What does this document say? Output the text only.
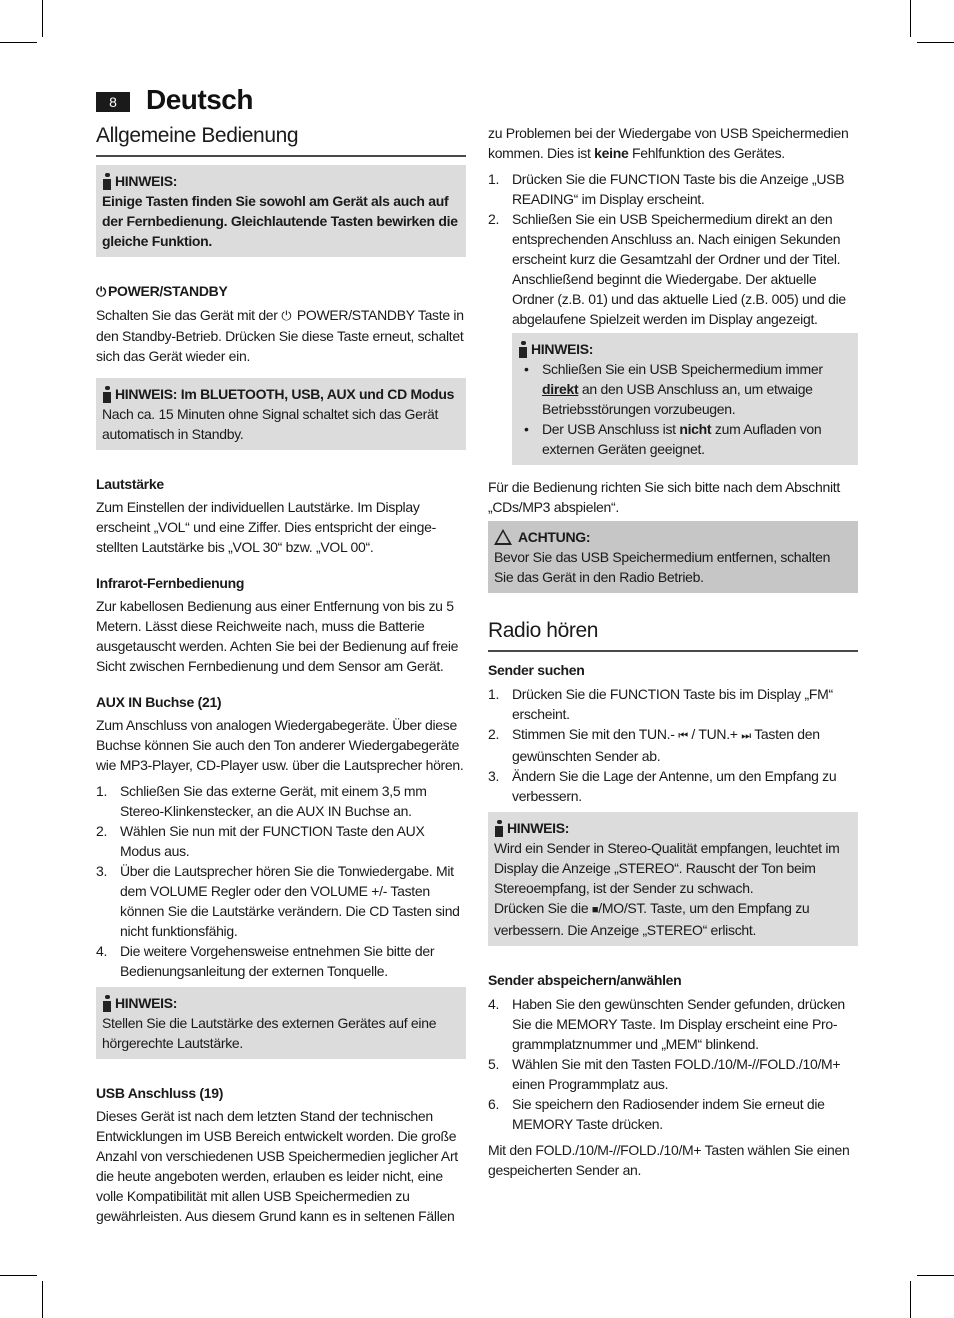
8	Deutsch
Allgemeine Bedienung
HINWEIS:

Einige Tasten finden Sie sowohl am Gerät als auch auf der Fernbedienung. Gleichlautende Tasten bewirken die gleiche Funktion.

⏻ POWER/STANDBY

Schalten Sie das Gerät mit der ⏻ POWER/STANDBY Taste in den Standby-Betrieb. Drücken Sie diese Taste erneut, schaltet sich das Gerät wieder ein.

HINWEIS: Im BLUETOOTH, USB, AUX und CD Modus

Nach ca. 15 Minuten ohne Signal schaltet sich das Gerät automatisch in Standby.

Lautstärke

Zum Einstellen der individuellen Lautstärke. Im Display erscheint „VOL“ und eine Ziffer. Dies entspricht der einge-stellten Lautstärke bis „VOL 30“ bzw. „VOL 00“.

Infrarot-Fernbedienung

Zur kabellosen Bedienung aus einer Entfernung von bis zu 5 Metern. Lässt diese Reichweite nach, muss die Batterie ausgetauscht werden. Achten Sie bei der Bedienung auf freie Sicht zwischen Fernbedienung und dem Sensor am Gerät.

AUX IN Buchse (21)

Zum Anschluss von analogen Wiedergabegeräte. Über diese Buchse können Sie auch den Ton anderer Wiedergabegeräte wie MP3-Player, CD-Player usw. über die Lautsprecher hören.

1. Schließen Sie das externe Gerät, mit einem 3,5 mm Stereo-Klinkenstecker, an die AUX IN Buchse an.
2. Wählen Sie nun mit der FUNCTION Taste den AUX Modus aus.
3. Über die Lautsprecher hören Sie die Tonwiedergabe. Mit dem VOLUME Regler oder den VOLUME +/- Tasten können Sie die Lautstärke verändern. Die CD Tasten sind nicht funktionsfähig.
4. Die weitere Vorgehensweise entnehmen Sie bitte der Bedienungsanleitung der externen Tonquelle.
HINWEIS:

Stellen Sie die Lautstärke des externen Gerätes auf eine hörgerechte Lautstärke.

USB Anschluss (19)

Dieses Gerät ist nach dem letzten Stand der technischen Entwicklungen im USB Bereich entwickelt worden. Die große Anzahl von verschiedenen USB Speichermedien jeglicher Art die heute angeboten werden, erlauben es leider nicht, eine volle Kompatibilität mit allen USB Speichermedien zu gewährleisten. Aus diesem Grund kann es in seltenen Fällen

zu Problemen bei der Wiedergabe von USB Speichermedien kommen. Dies ist keine Fehlfunktion des Gerätes.

1. Drücken Sie die FUNCTION Taste bis die Anzeige „USB READING“ im Display erscheint.
2. Schließen Sie ein USB Speichermedium direkt an den entsprechenden Anschluss an. Nach einigen Sekunden erscheint kurz die Gesamtzahl der Ordner und der Titel. Anschließend beginnt die Wiedergabe. Der aktuelle Ordner (z.B. 01) und das aktuelle Lied (z.B. 005) und die abgelaufene Spielzeit werden im Display angezeigt.
HINWEIS:
• Schließen Sie ein USB Speichermedium immer direkt an den USB Anschluss an, um etwaige Betriebsstörungen vorzubeugen.
• Der USB Anschluss ist nicht zum Aufladen von externen Geräten geeignet.

Für die Bedienung richten Sie sich bitte nach dem Abschnitt „CDs/MP3 abspielen“.

ACHTUNG:

Bevor Sie das USB Speichermedium entfernen, schalten Sie das Gerät in den Radio Betrieb.

Radio hören
Sender suchen
1. Drücken Sie die FUNCTION Taste bis im Display „FM“ erscheint.
2. Stimmen Sie mit den TUN.- ⏮ / TUN.+ ⏭ Tasten den gewünschten Sender ab.
3. Ändern Sie die Lage der Antenne, um den Empfang zu verbessern.
HINWEIS:

Wird ein Sender in Stereo-Qualität empfangen, leuchtet im Display die Anzeige „STEREO“. Rauscht der Ton beim Stereoempfang, ist der Sender zu schwach.

Drücken Sie die ■/MO/ST. Taste, um den Empfang zu verbessern. Die Anzeige „STEREO“ erlischt.

Sender abspeichern/anwählen
4. Haben Sie den gewünschten Sender gefunden, drücken Sie die MEMORY Taste. Im Display erscheint eine Pro-grammplatznummer und „MEM“ blinkend.
5. Wählen Sie mit den Tasten FOLD./10/M-//FOLD./10/M+ einen Programmplatz aus.
6. Sie speichern den Radiosender indem Sie erneut die MEMORY Taste drücken.

Mit den FOLD./10/M-//FOLD./10/M+ Tasten wählen Sie einen gespeicherten Sender an.
